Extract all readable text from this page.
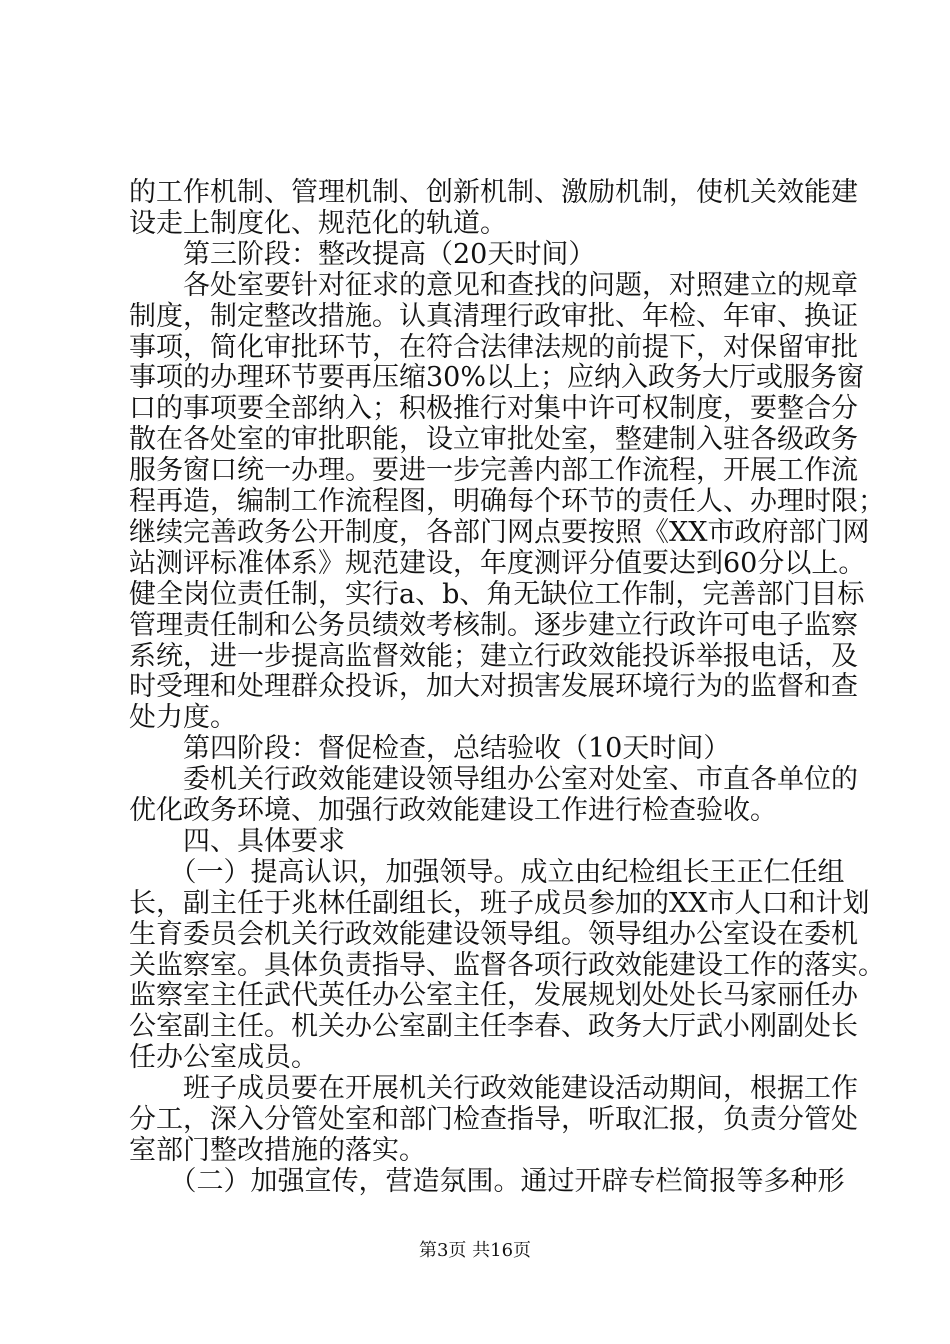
的工作机制、管理机制、创新机制、激励机制，使机关效能建
设走上制度化、规范化的轨道。
　　第三阶段：整改提高（20天时间）
　　各处室要针对征求的意见和查找的问题，对照建立的规章
制度，制定整改措施。认真清理行政审批、年检、年审、换证
事项，简化审批环节，在符合法律法规的前提下，对保留审批
事项的办理环节要再压缩30%以上；应纳入政务大厅或服务窗
口的事项要全部纳入；积极推行对集中许可权制度，要整合分
散在各处室的审批职能，设立审批处室，整建制入驻各级政务
服务窗口统一办理。要进一步完善内部工作流程，开展工作流
程再造，编制工作流程图，明确每个环节的责任人、办理时限；
继续完善政务公开制度，各部门网点要按照《XX市政府部门网
站测评标准体系》规范建设，年度测评分值要达到60分以上。
健全岗位责任制，实行a、b、角无缺位工作制，完善部门目标
管理责任制和公务员绩效考核制。逐步建立行政许可电子监察
系统，进一步提高监督效能；建立行政效能投诉举报电话，及
时受理和处理群众投诉，加大对损害发展环境行为的监督和查
处力度。
　　第四阶段：督促检查，总结验收（10天时间）
　　委机关行政效能建设领导组办公室对处室、市直各单位的
优化政务环境、加强行政效能建设工作进行检查验收。
　　四、具体要求
　　（一）提高认识，加强领导。成立由纪检组长王正仁任组
长，副主任于兆林任副组长，班子成员参加的XX市人口和计划
生育委员会机关行政效能建设领导组。领导组办公室设在委机
关监察室。具体负责指导、监督各项行政效能建设工作的落实。
监察室主任武代英任办公室主任，发展规划处处长马家丽任办
公室副主任。机关办公室副主任李春、政务大厅武小刚副处长
任办公室成员。
　　班子成员要在开展机关行政效能建设活动期间，根据工作
分工，深入分管处室和部门检查指导，听取汇报，负责分管处
室部门整改措施的落实。
　　（二）加强宣传，营造氛围。通过开辟专栏简报等多种形
第3页 共16页
